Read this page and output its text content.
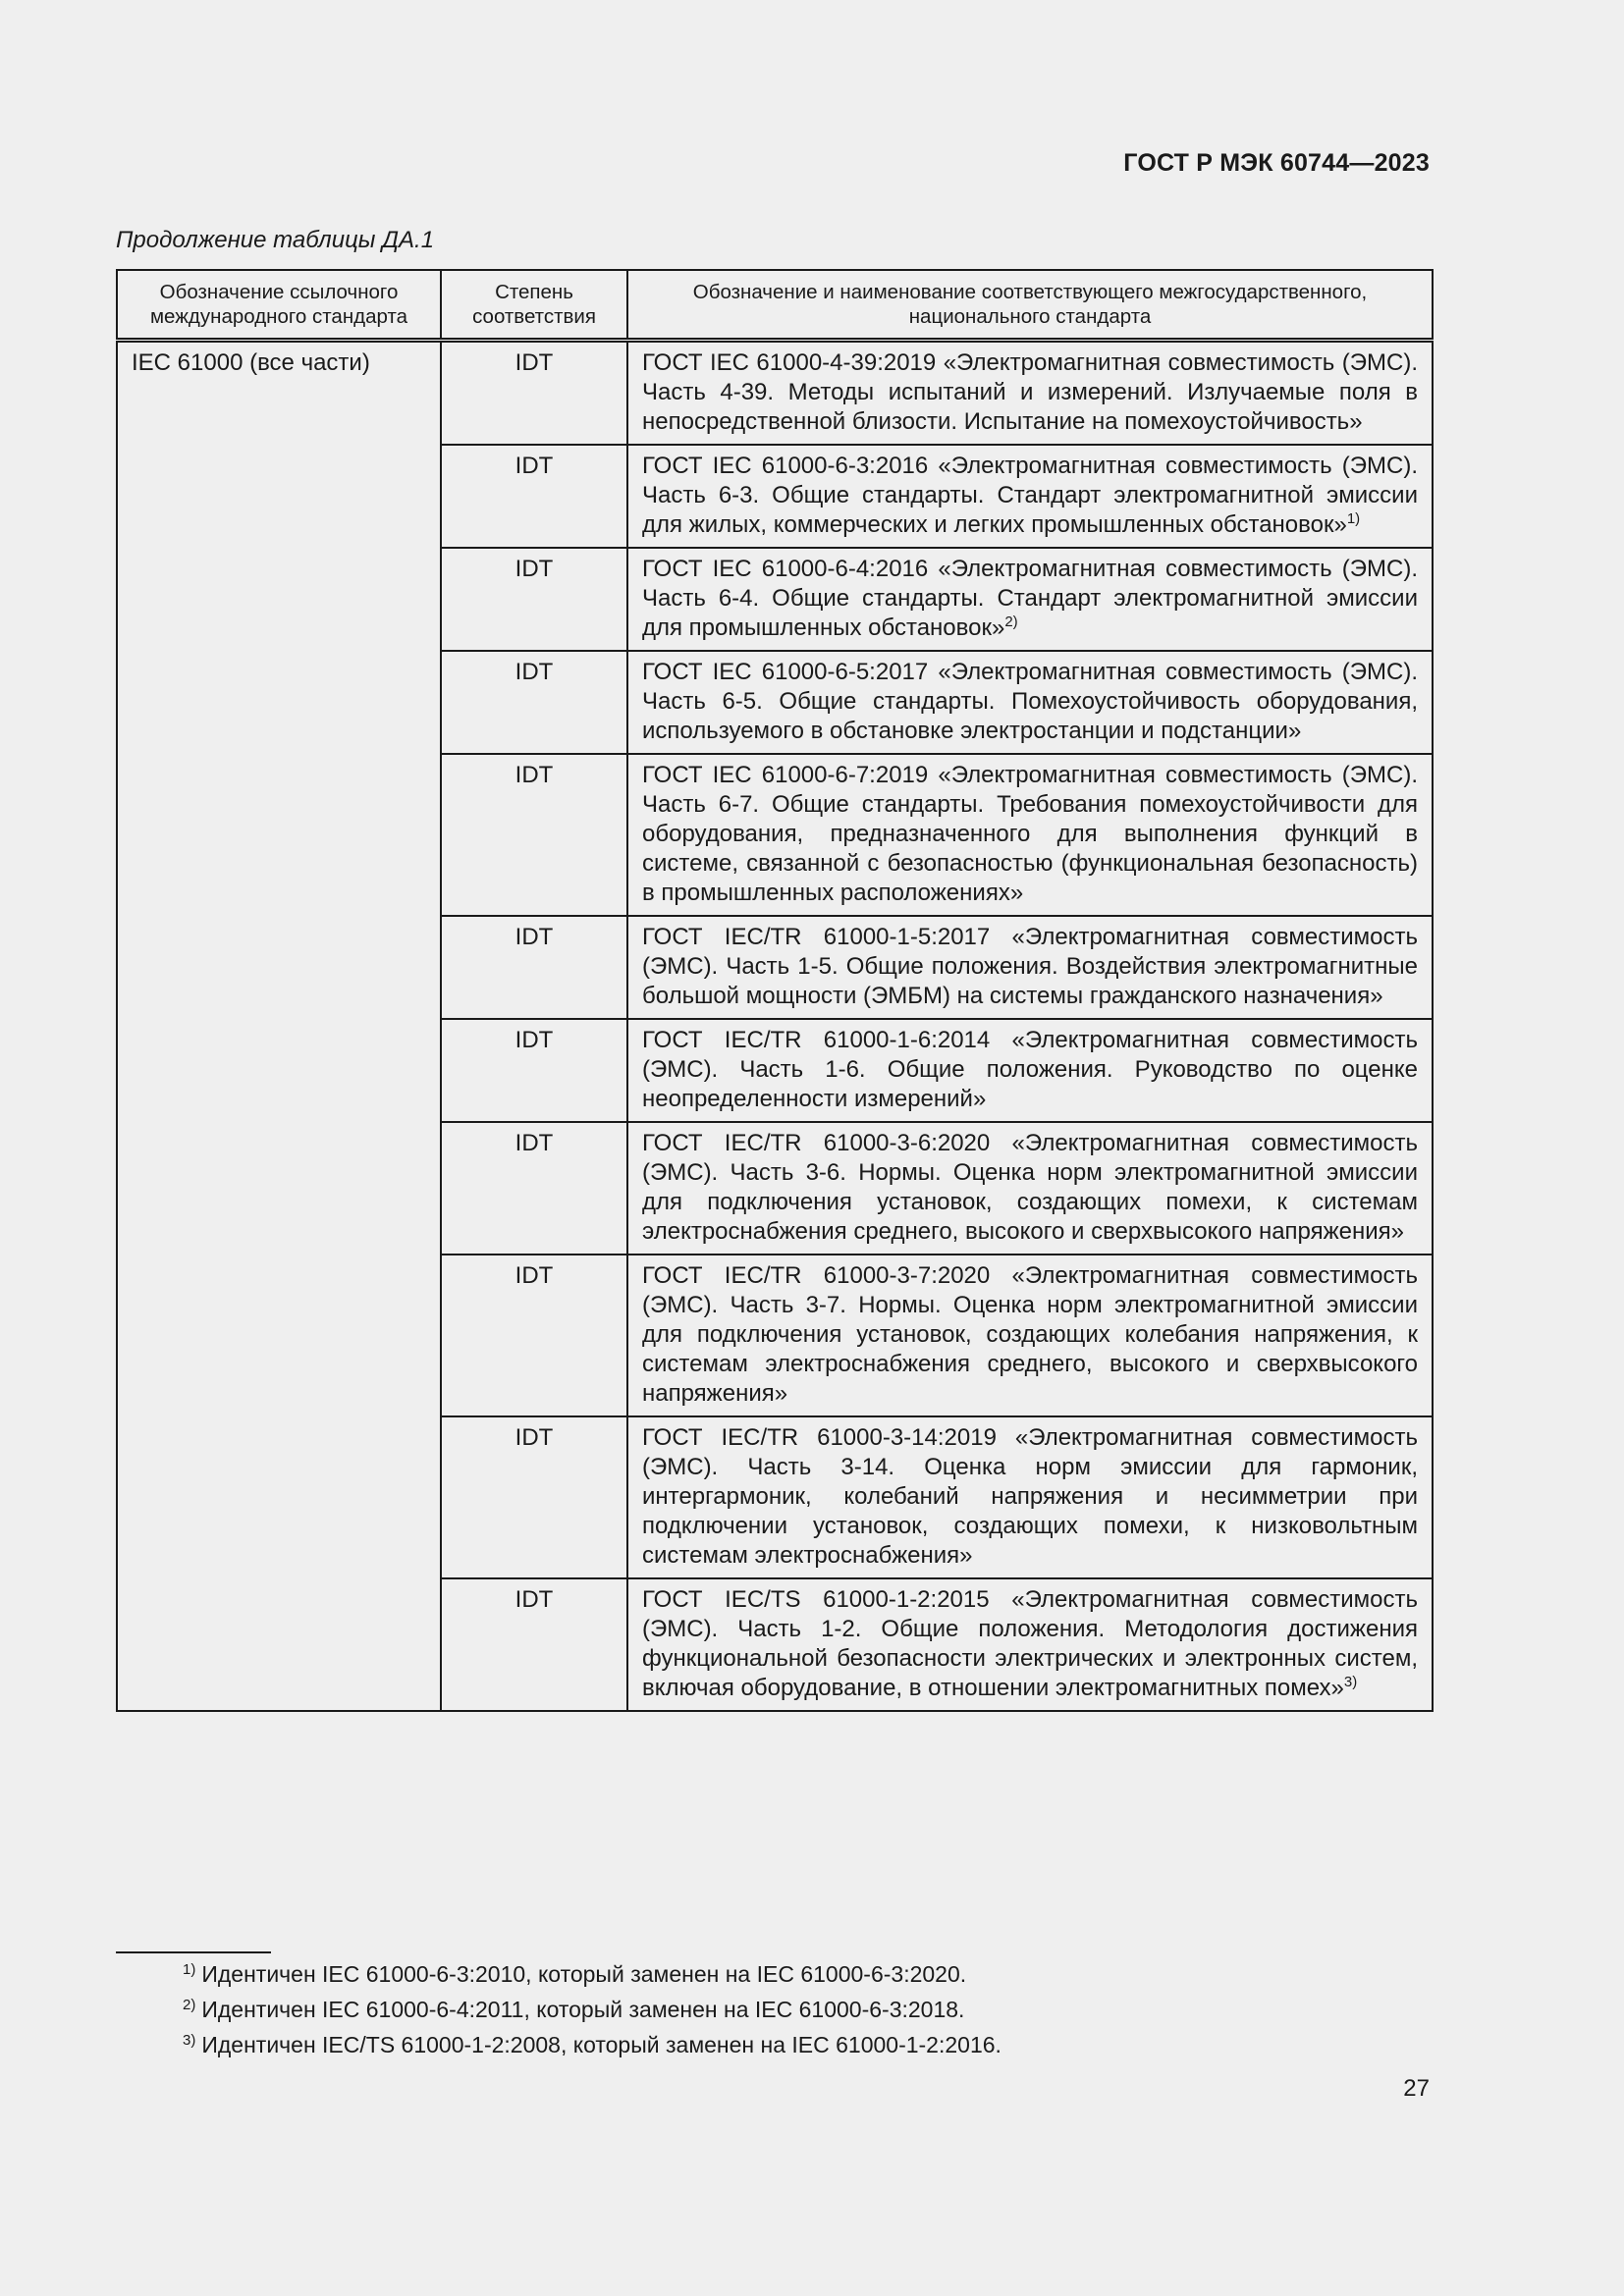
ГОСТ Р МЭК 60744—2023
Продолжение таблицы ДА.1
Обозначение ссылочного международного стандарта	Степень соответствия	Обозначение и наименование соответствующего межгосударственного, национального стандарта
IEC 61000 (все части)	IDT	ГОСТ IEC 61000-4-39:2019 «Электромагнитная совместимость (ЭМС). Часть 4-39. Методы испытаний и измерений. Излучаемые поля в непосредственной близости. Испытание на помехоустойчивость»
	IDT	ГОСТ IEC 61000-6-3:2016 «Электромагнитная совместимость (ЭМС). Часть 6-3. Общие стандарты. Стандарт электромагнитной эмиссии для жилых, коммерческих и легких промышленных обстановок»$^{1)}$
	IDT	ГОСТ IEC 61000-6-4:2016 «Электромагнитная совместимость (ЭМС). Часть 6-4. Общие стандарты. Стандарт электромагнитной эмиссии для промышленных обстановок»$^{2)}$
	IDT	ГОСТ IEC 61000-6-5:2017 «Электромагнитная совместимость (ЭМС). Часть 6-5. Общие стандарты. Помехоустойчивость оборудования, используемого в обстановке электростанции и подстанции»
	IDT	ГОСТ IEC 61000-6-7:2019 «Электромагнитная совместимость (ЭМС). Часть 6-7. Общие стандарты. Требования помехоустойчивости для оборудования, предназначенного для выполнения функций в системе, связанной с безопасностью (функциональная безопасность) в промышленных расположениях»
	IDT	ГОСТ IEC/TR 61000-1-5:2017 «Электромагнитная совместимость (ЭМС). Часть 1-5. Общие положения. Воздействия электромагнитные большой мощности (ЭМБМ) на системы гражданского назначения»
	IDT	ГОСТ IEC/TR 61000-1-6:2014 «Электромагнитная совместимость (ЭМС). Часть 1-6. Общие положения. Руководство по оценке неопределенности измерений»
	IDT	ГОСТ IEC/TR 61000-3-6:2020 «Электромагнитная совместимость (ЭМС). Часть 3-6. Нормы. Оценка норм электромагнитной эмиссии для подключения установок, создающих помехи, к системам электроснабжения среднего, высокого и сверхвысокого напряжения»
	IDT	ГОСТ IEC/TR 61000-3-7:2020 «Электромагнитная совместимость (ЭМС). Часть 3-7. Нормы. Оценка норм электромагнитной эмиссии для подключения установок, создающих колебания напряжения, к системам электроснабжения среднего, высокого и сверхвысокого напряжения»
	IDT	ГОСТ IEC/TR 61000-3-14:2019 «Электромагнитная совместимость (ЭМС). Часть 3-14. Оценка норм эмиссии для гармоник, интергармоник, колебаний напряжения и несимметрии при подключении установок, создающих помехи, к низковольтным системам электроснабжения»
	IDT	ГОСТ IEC/TS 61000-1-2:2015 «Электромагнитная совместимость (ЭМС). Часть 1-2. Общие положения. Методология достижения функциональной безопасности электрических и электронных систем, включая оборудование, в отношении электромагнитных помех»$^{3)}$
$^{1)}$ Идентичен IEC 61000-6-3:2010, который заменен на IEC 61000-6-3:2020.
$^{2)}$ Идентичен IEC 61000-6-4:2011, который заменен на IEC 61000-6-3:2018.
$^{3)}$ Идентичен IEC/TS 61000-1-2:2008, который заменен на IEC 61000-1-2:2016.
27
